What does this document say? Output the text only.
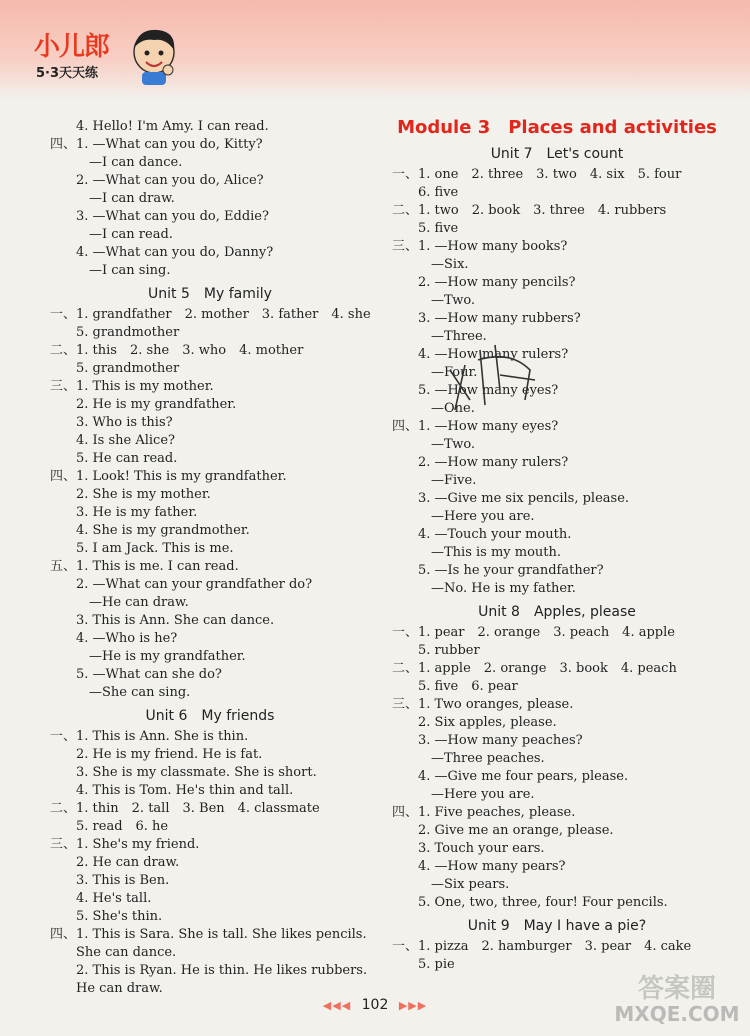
小儿郎
5·3天天练
　　4. Hello! I'm Amy. I can read.
四、1. —What can you do, Kitty?
　　　—I can dance.
　　2. —What can you do, Alice?
　　　—I can draw.
　　3. —What can you do, Eddie?
　　　—I can read.
　　4. —What can you do, Danny?
　　　—I can sing.
Unit 5　My family
一、1. grandfather　2. mother　3. father　4. she
　　5. grandmother
二、1. this　2. she　3. who　4. mother
　　5. grandmother
三、1. This is my mother.
　　2. He is my grandfather.
　　3. Who is this?
　　4. Is she Alice?
　　5. He can read.
四、1. Look! This is my grandfather.
　　2. She is my mother.
　　3. He is my father.
　　4. She is my grandmother.
　　5. I am Jack. This is me.
五、1. This is me. I can read.
　　2. —What can your grandfather do?
　　　—He can draw.
　　3. This is Ann. She can dance.
　　4. —Who is he?
　　　—He is my grandfather.
　　5. —What can she do?
　　　—She can sing.
Unit 6　My friends
一、1. This is Ann. She is thin.
　　2. He is my friend. He is fat.
　　3. She is my classmate. She is short.
　　4. This is Tom. He's thin and tall.
二、1. thin　2. tall　3. Ben　4. classmate
　　5. read　6. he
三、1. She's my friend.
　　2. He can draw.
　　3. This is Ben.
　　4. He's tall.
　　5. She's thin.
四、1. This is Sara. She is tall. She likes pencils.
　　She can dance.
　　2. This is Ryan. He is thin. He likes rubbers.
　　He can draw.
Module 3　Places and activities
Unit 7　Let's count
一、1. one　2. three　3. two　4. six　5. four
　　6. five
二、1. two　2. book　3. three　4. rubbers
　　5. five
三、1. —How many books?
　　　—Six.
　　2. —How many pencils?
　　　—Two.
　　3. —How many rubbers?
　　　—Three.
　　4. —How many rulers?
　　　—Four.
　　5. —How many eyes?
　　　—One.
四、1. —How many eyes?
　　　—Two.
　　2. —How many rulers?
　　　—Five.
　　3. —Give me six pencils, please.
　　　—Here you are.
　　4. —Touch your mouth.
　　　—This is my mouth.
　　5. —Is he your grandfather?
　　　—No. He is my father.
Unit 8　Apples, please
一、1. pear　2. orange　3. peach　4. apple
　　5. rubber
二、1. apple　2. orange　3. book　4. peach
　　5. five　6. pear
三、1. Two oranges, please.
　　2. Six apples, please.
　　3. —How many peaches?
　　　—Three peaches.
　　4. —Give me four pears, please.
　　　—Here you are.
四、1. Five peaches, please.
　　2. Give me an orange, please.
　　3. Touch your ears.
　　4. —How many pears?
　　　—Six pears.
　　5. One, two, three, four! Four pencils.
Unit 9　May I have a pie?
一、1. pizza　2. hamburger　3. pear　4. cake
　　5. pie
◀◀◀ 102 ▶▶▶
答案圈
MXQE.COM
